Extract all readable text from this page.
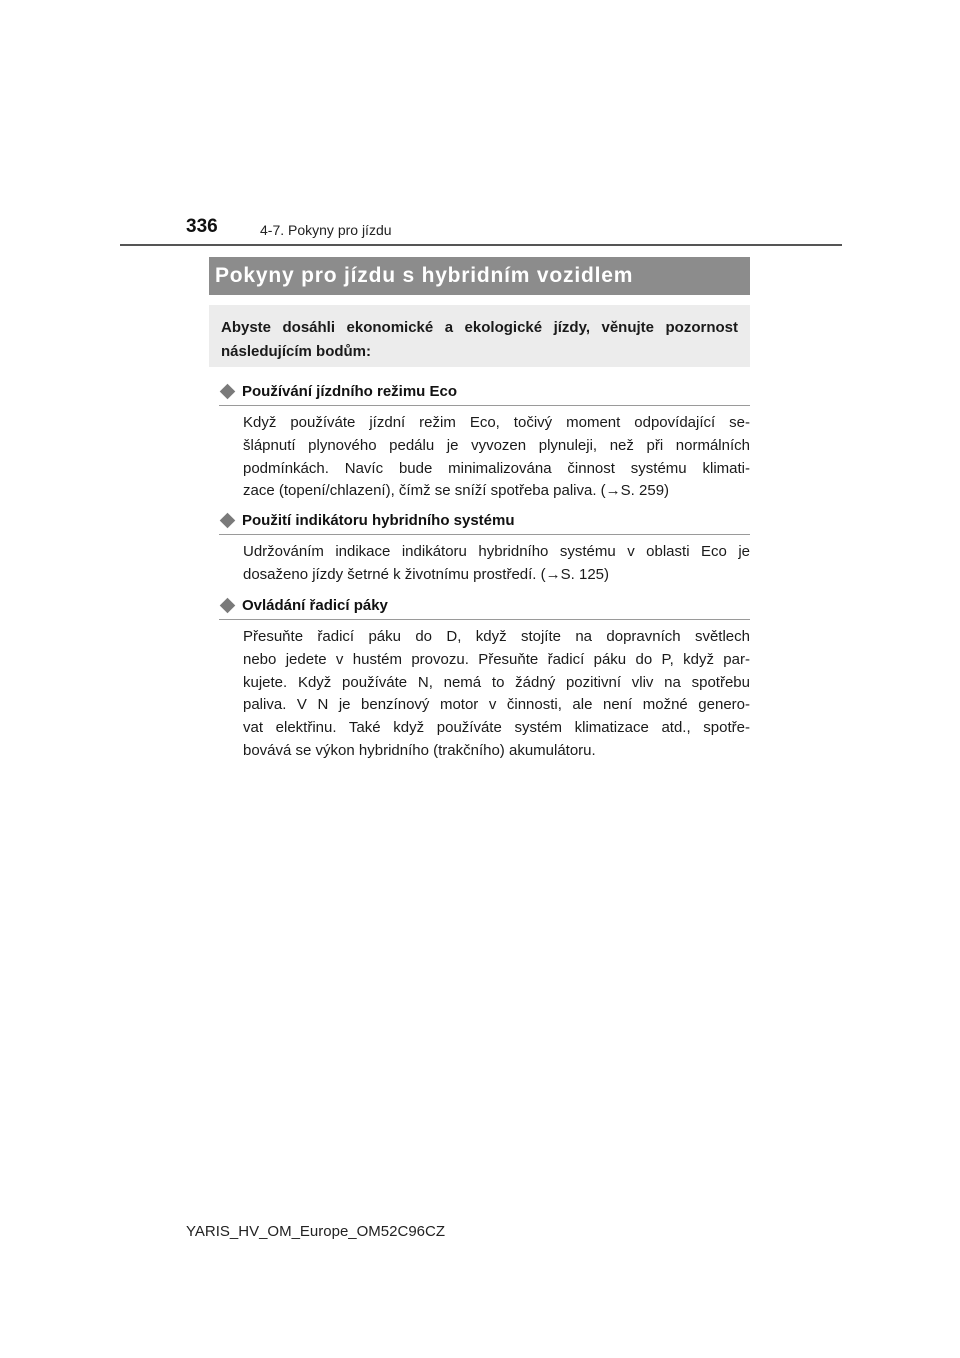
336	4-7. Pokyny pro jízdu
Pokyny pro jízdu s hybridním vozidlem

Abyste dosáhli ekonomické a ekologické jízdy, věnujte pozornost následujícím bodům:

Používání jízdního režimu Eco
Když používáte jízdní režim Eco, točivý moment odpovídající se-
šlápnutí plynového pedálu je vyvozen plynuleji, než při normálních
podmínkách. Navíc bude minimalizována činnost systému klimati-
zace (topení/chlazení), čímž se sníží spotřeba paliva. (→S. 259)
Použití indikátoru hybridního systému
Udržováním indikace indikátoru hybridního systému v oblasti Eco je
dosaženo jízdy šetrné k životnímu prostředí. (→S. 125)
Ovládání řadicí páky
Přesuňte řadicí páku do D, když stojíte na dopravních světlech
nebo jedete v hustém provozu. Přesuňte řadicí páku do P, když par-
kujete. Když používáte N, nemá to žádný pozitivní vliv na spotřebu
paliva. V N je benzínový motor v činnosti, ale není možné genero-
vat elektřinu. Také když používáte systém klimatizace atd., spotře-
bovává se výkon hybridního (trakčního) akumulátoru.
YARIS_HV_OM_Europe_OM52C96CZ
